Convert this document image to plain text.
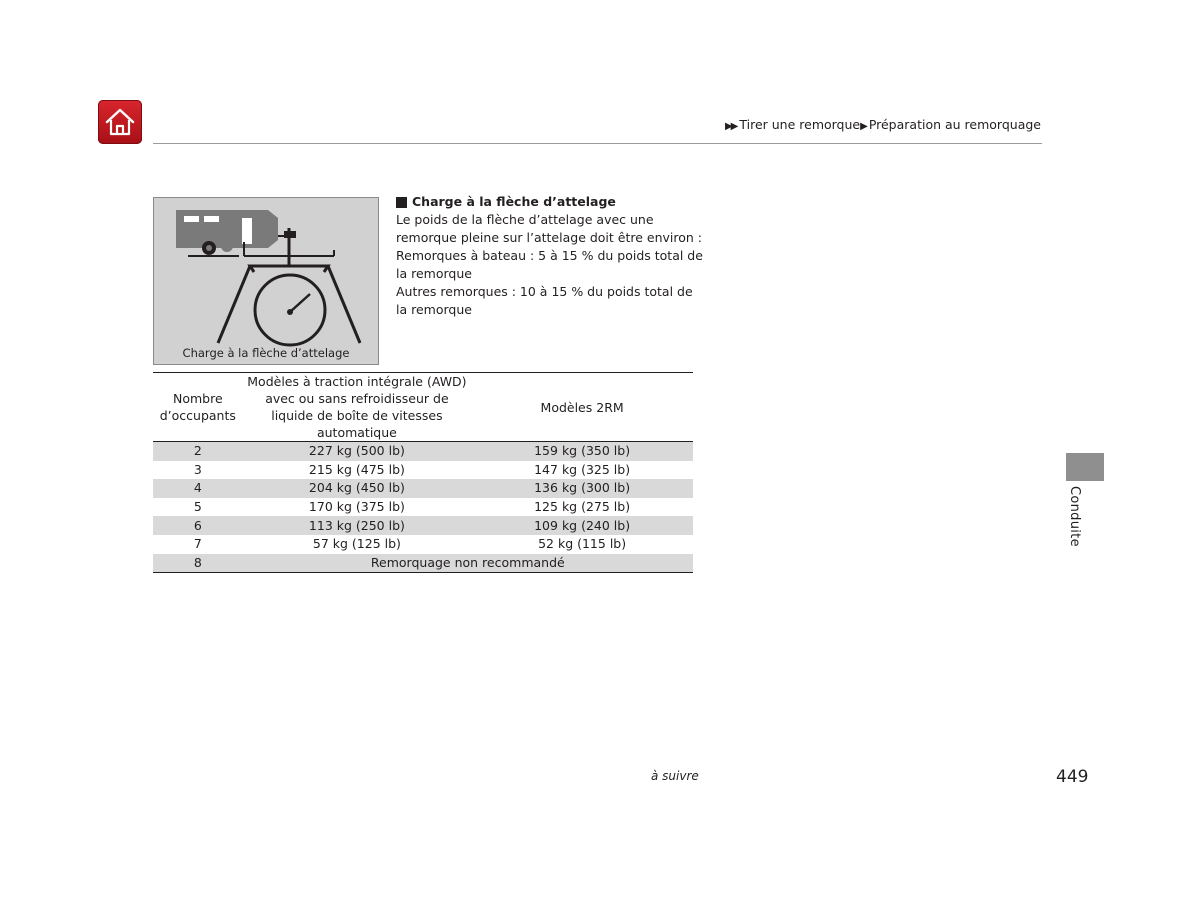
▶▶ Tirer une remorque▶ Préparation au remorquage
Charge à la flèche d’attelage
Charge à la flèche d’attelage

Le poids de la flèche d’attelage avec une remorque pleine sur l’attelage doit être environ :

Remorques à bateau : 5 à 15 % du poids total de la remorque

Autres remorques : 10 à 15 % du poids total de la remorque

Nombre d’occupants	Modèles à traction intégrale (AWD) avec ou sans refroidisseur de liquide de boîte de vitesses automatique	Modèles 2RM
2	227 kg (500 lb)	159 kg (350 lb)
3	215 kg (475 lb)	147 kg (325 lb)
4	204 kg (450 lb)	136 kg (300 lb)
5	170 kg (375 lb)	125 kg (275 lb)
6	113 kg (250 lb)	109 kg (240 lb)
7	57 kg (125 lb)	52 kg (115 lb)
8	Remorquage non recommandé	
Conduite
à suivre	449
